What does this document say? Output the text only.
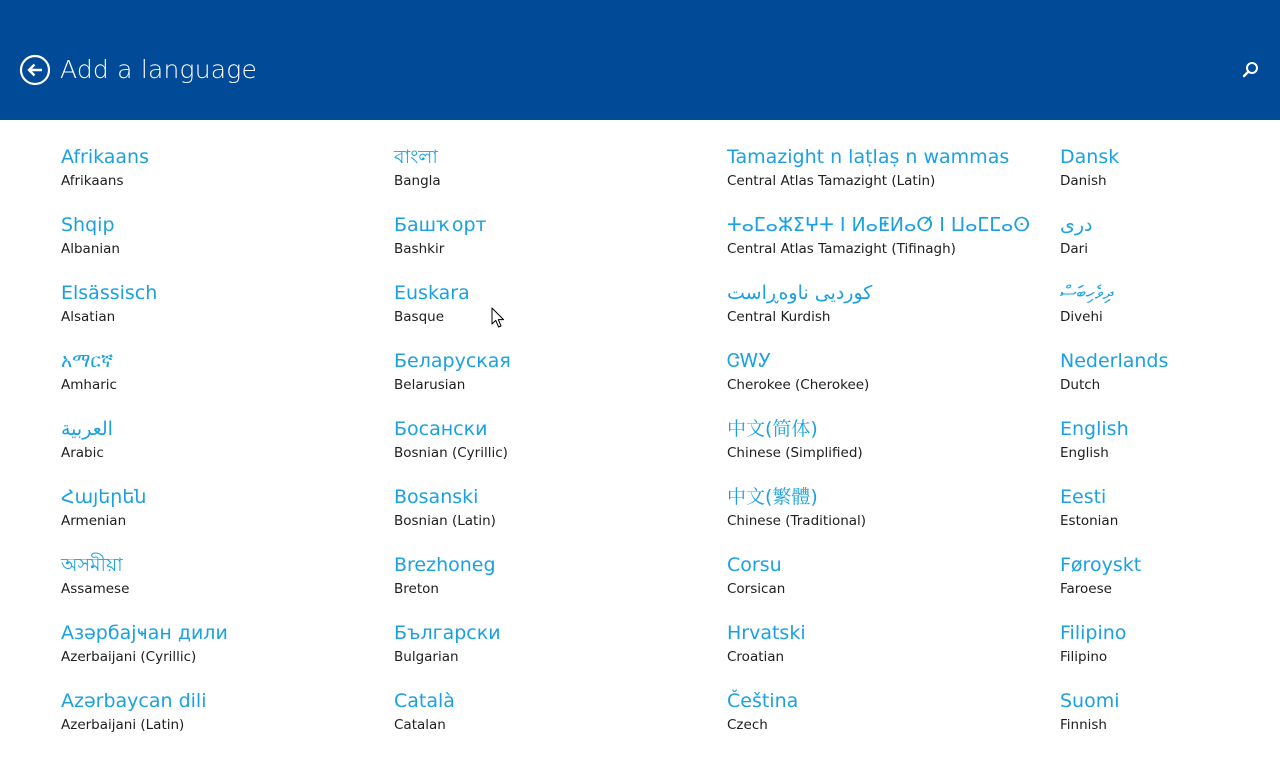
Add a language
Afrikaans
Afrikaans
Shqip
Albanian
Elsässisch
Alsatian
አማርኛ
Amharic
العربية
Arabic
Հայերեն
Armenian
অসমীয়া
Assamese
Азәрбајҹан дили
Azerbaijani (Cyrillic)
Azərbaycan dili
Azerbaijani (Latin)
বাংলা
Bangla
Башҡорт
Bashkir
Euskara
Basque
Беларуская
Belarusian
Босански
Bosnian (Cyrillic)
Bosanski
Bosnian (Latin)
Brezhoneg
Breton
Български
Bulgarian
Català
Catalan
Tamazight n laṭlaṣ n wammas
Central Atlas Tamazight (Latin)
ⵜⴰⵎⴰⵣⵉⵖⵜ ⵏ ⵍⴰⵟⵍⴰⵚ ⵏ ⵡⴰⵎⵎⴰⵙ
Central Atlas Tamazight (Tifinagh)
کوردیی ناوەڕاست
Central Kurdish
ᏣᎳᎩ
Cherokee (Cherokee)
中文(简体)
Chinese (Simplified)
中文(繁體)
Chinese (Traditional)
Corsu
Corsican
Hrvatski
Croatian
Čeština
Czech
Dansk
Danish
درى
Dari
ދިވެހިބަސް
Divehi
Nederlands
Dutch
English
English
Eesti
Estonian
Føroyskt
Faroese
Filipino
Filipino
Suomi
Finnish
